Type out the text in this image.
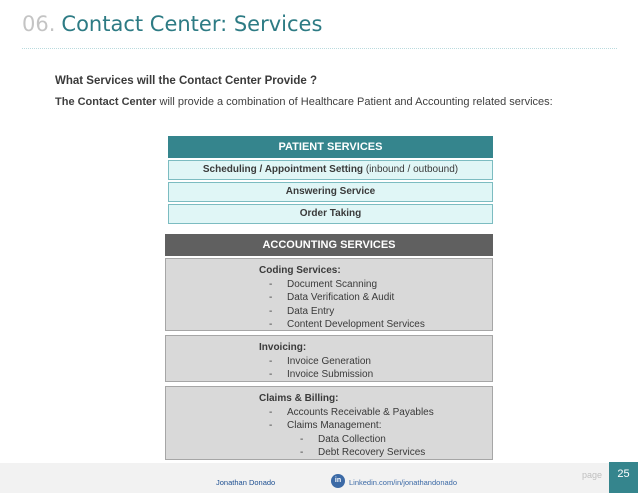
06. Contact Center: Services
What Services will the Contact Center Provide ?
The Contact Center will provide a combination of Healthcare Patient and Accounting related services:
PATIENT SERVICES
Scheduling / Appointment Setting (inbound / outbound)
Answering Service
Order Taking
ACCOUNTING SERVICES
Coding Services:
- Document Scanning
- Data Verification & Audit
- Data Entry
- Content Development Services
Invoicing:
- Invoice Generation
- Invoice Submission
Claims & Billing:
- Accounts Receivable & Payables
- Claims Management:
- Data Collection
- Debt Recovery Services
Jonathan Donado	in	Linkedin.com/in/jonathandonado
page	25
